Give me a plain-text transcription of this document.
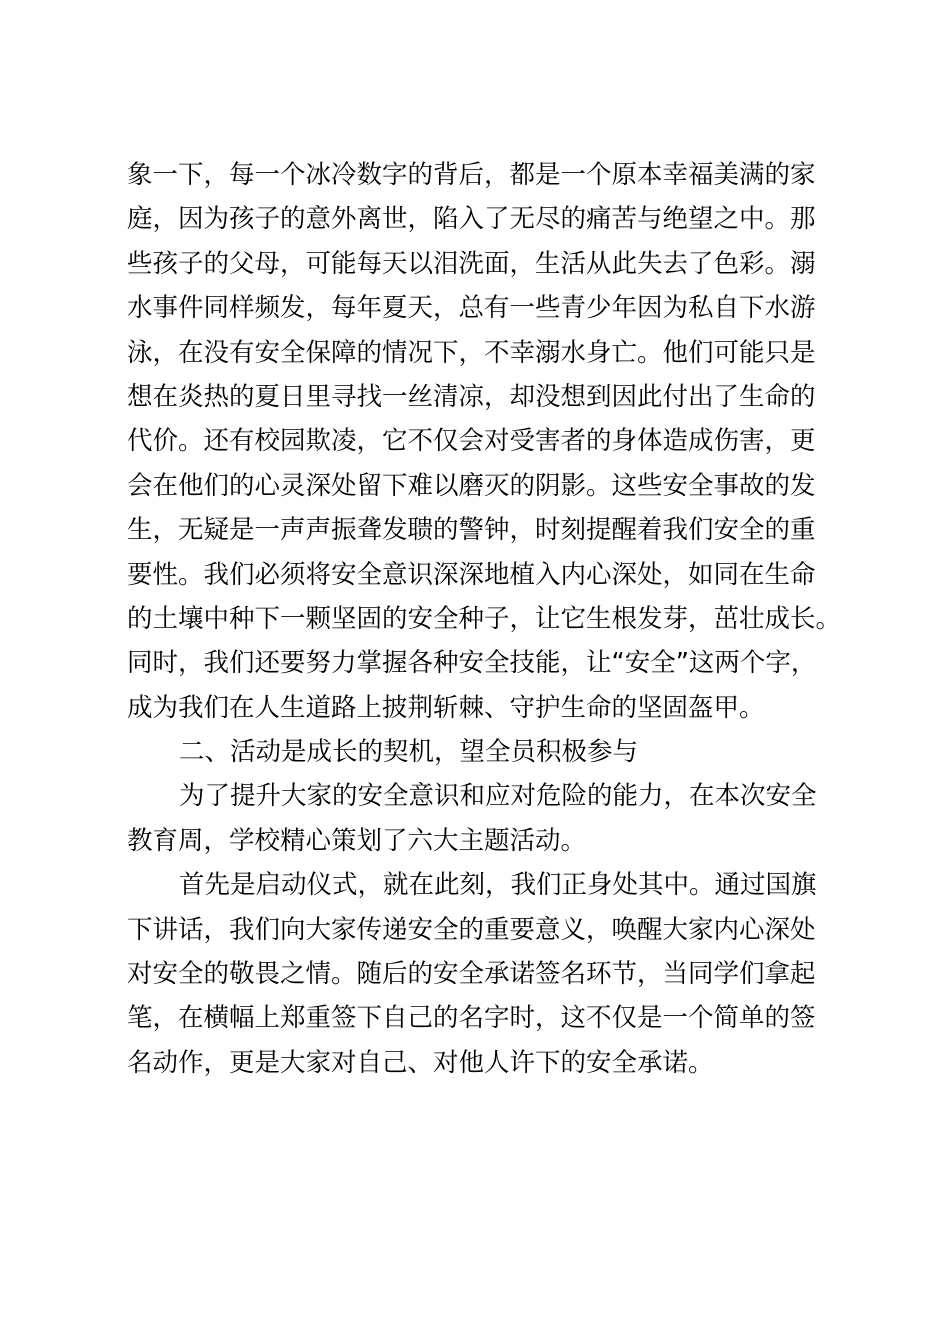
象一下，每一个冰冷数字的背后，都是一个原本幸福美满的家
庭，因为孩子的意外离世，陷入了无尽的痛苦与绝望之中。那
些孩子的父母，可能每天以泪洗面，生活从此失去了色彩。溺
水事件同样频发，每年夏天，总有一些青少年因为私自下水游
泳，在没有安全保障的情况下，不幸溺水身亡。他们可能只是
想在炎热的夏日里寻找一丝清凉，却没想到因此付出了生命的
代价。还有校园欺凌，它不仅会对受害者的身体造成伤害，更
会在他们的心灵深处留下难以磨灭的阴影。这些安全事故的发
生，无疑是一声声振聋发聩的警钟，时刻提醒着我们安全的重
要性。我们必须将安全意识深深地植入内心深处，如同在生命
的土壤中种下一颗坚固的安全种子，让它生根发芽，茁壮成长。
同时，我们还要努力掌握各种安全技能，让“安全”这两个字，
成为我们在人生道路上披荆斩棘、守护生命的坚固盔甲。
二、活动是成长的契机，望全员积极参与
为了提升大家的安全意识和应对危险的能力，在本次安全
教育周，学校精心策划了六大主题活动。
首先是启动仪式，就在此刻，我们正身处其中。通过国旗
下讲话，我们向大家传递安全的重要意义，唤醒大家内心深处
对安全的敬畏之情。随后的安全承诺签名环节，当同学们拿起
笔，在横幅上郑重签下自己的名字时，这不仅是一个简单的签
名动作，更是大家对自己、对他人许下的安全承诺。
